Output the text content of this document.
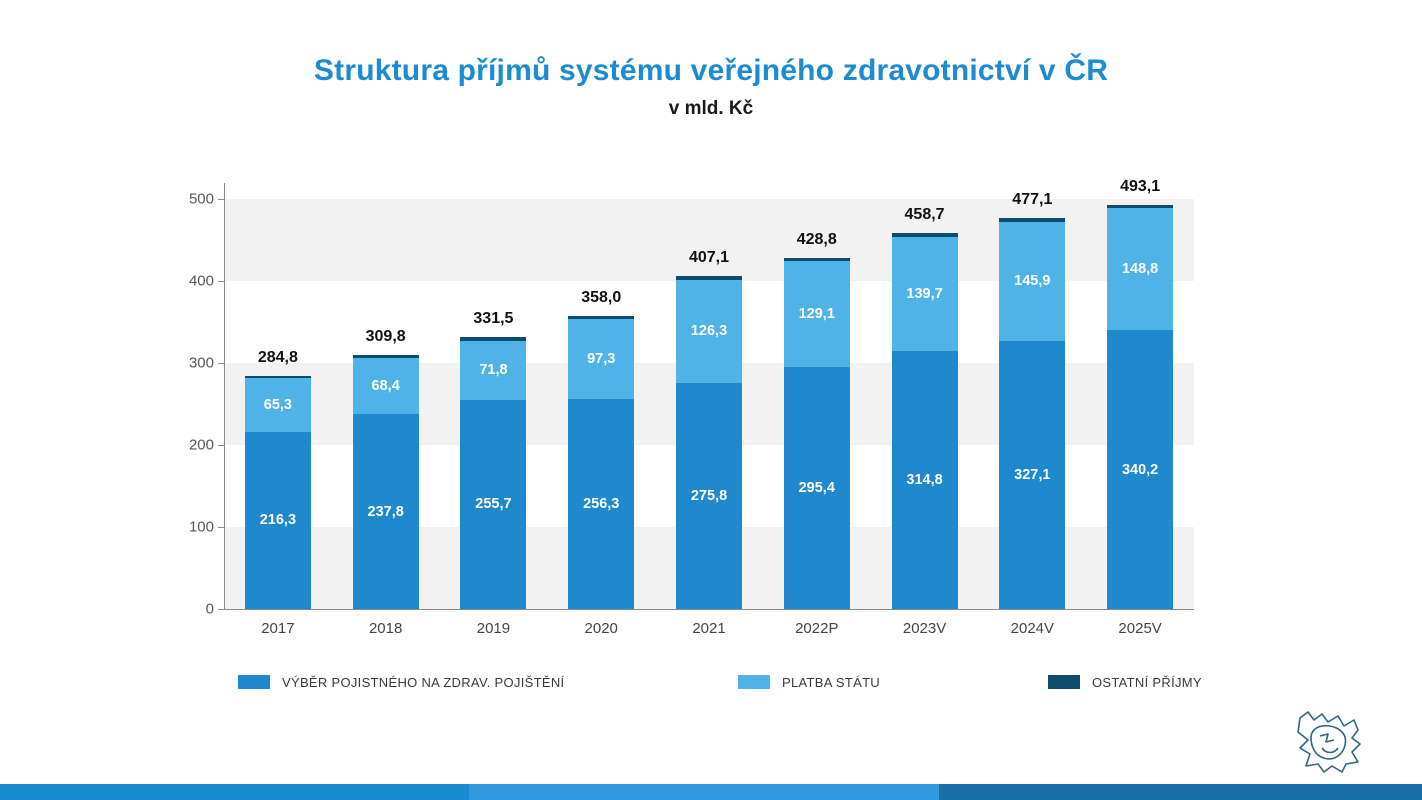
Struktura příjmů systému veřejného zdravotnictví v ČR
v mld. Kč
0
100
200
300
400
500
216,3
65,3
284,8
237,8
68,4
309,8
255,7
71,8
331,5
256,3
97,3
358,0
275,8
126,3
407,1
295,4
129,1
428,8
314,8
139,7
458,7
327,1
145,9
477,1
340,2
148,8
493,1
2017	2018	2019	2020	2021	2022P	2023V	2024V	2025V
VÝBĚR POJISTNÉHO NA ZDRAV. POJIŠTĚNÍ	PLATBA STÁTU	OSTATNÍ PŘÍJMY
